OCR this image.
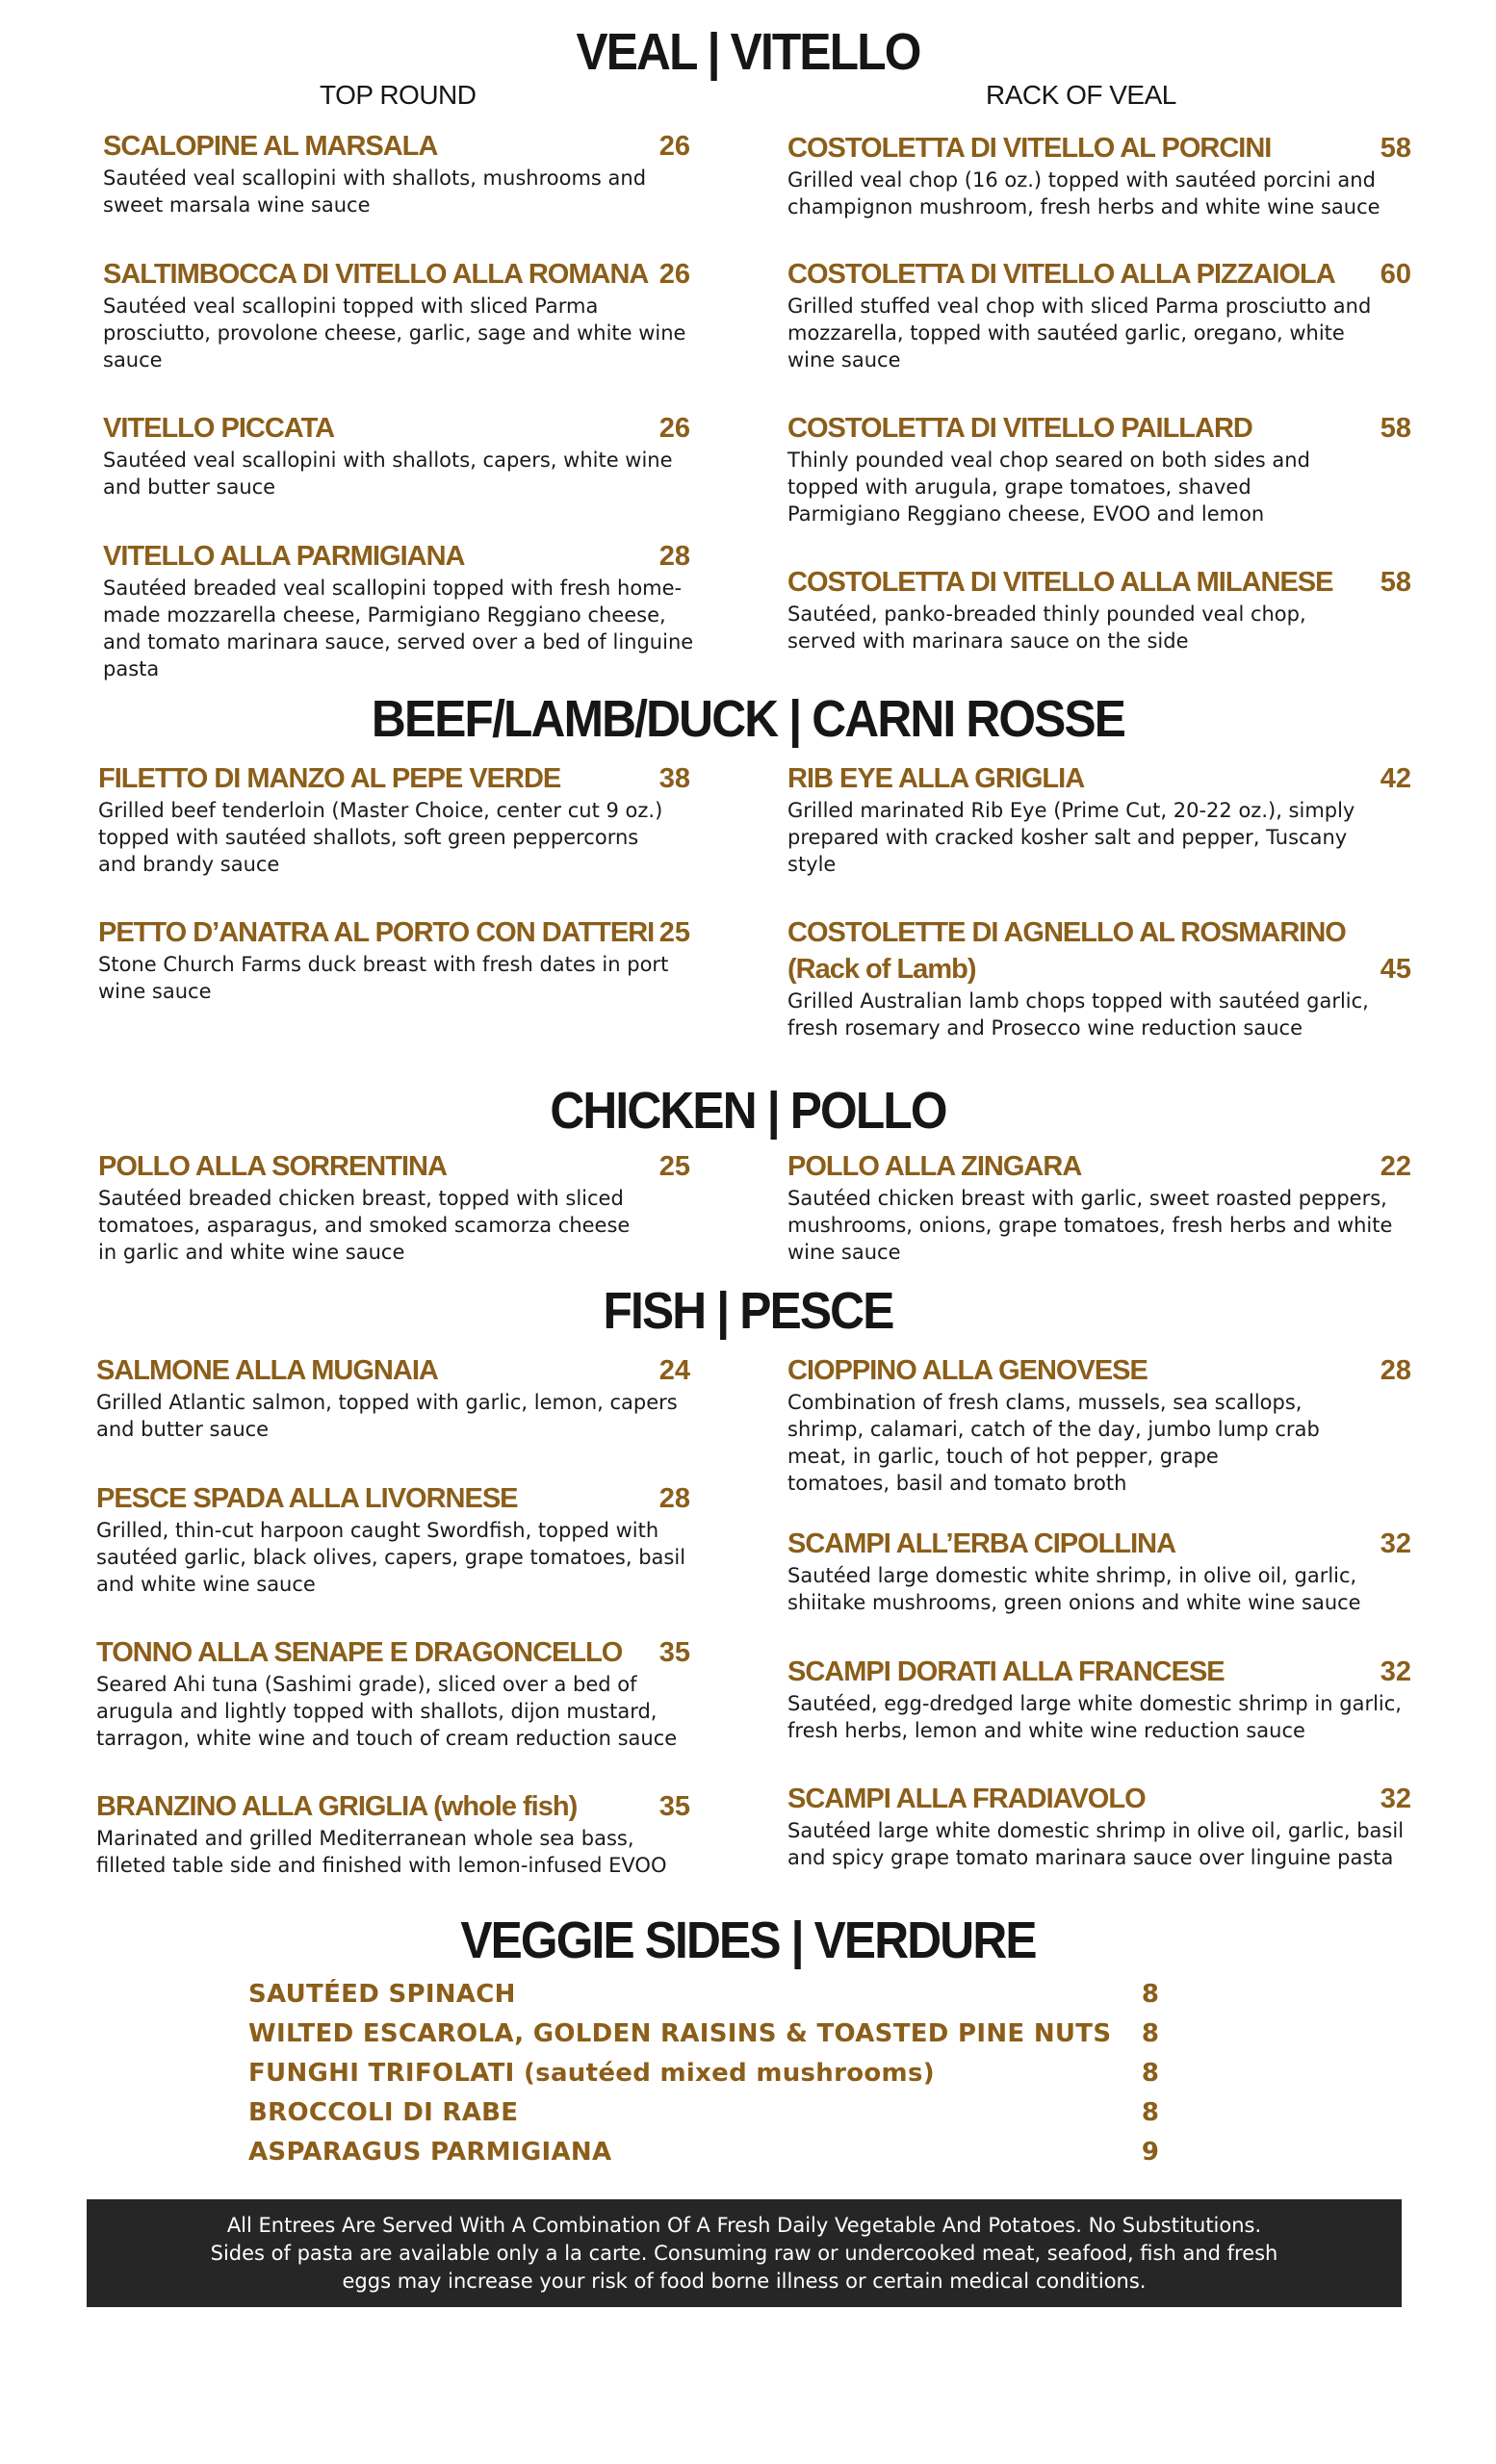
VEAL | VITELLO
TOP ROUND	RACK OF VEAL
SCALOPINE AL MARSALA	26

Sautéed veal scallopini with shallots, mushrooms and sweet marsala wine sauce

SALTIMBOCCA DI VITELLO ALLA ROMANA 26

Sautéed veal scallopini topped with sliced Parma prosciutto, provolone cheese, garlic, sage and white wine sauce

VITELLO PICCATA	26

Sautéed veal scallopini with shallots, capers, white wine and butter sauce

VITELLO ALLA PARMIGIANA	28

Sautéed breaded veal scallopini topped with fresh home-made mozzarella cheese, Parmigiano Reggiano cheese, and tomato marinara sauce, served over a bed of linguine pasta

COSTOLETTA DI VITELLO AL PORCINI	58

Grilled veal chop (16 oz.) topped with sautéed porcini and champignon mushroom, fresh herbs and white wine sauce

COSTOLETTA DI VITELLO ALLA PIZZAIOLA	60

Grilled stuffed veal chop with sliced Parma prosciutto and mozzarella, topped with sautéed garlic, oregano, white wine sauce

COSTOLETTA DI VITELLO PAILLARD	58

Thinly pounded veal chop seared on both sides and topped with arugula, grape tomatoes, shaved Parmigiano Reggiano cheese, EVOO and lemon

COSTOLETTA DI VITELLO ALLA MILANESE	58

Sautéed, panko-breaded thinly pounded veal chop, served with marinara sauce on the side

BEEF/LAMB/DUCK | CARNI ROSSE
FILETTO DI MANZO AL PEPE VERDE	38

Grilled beef tenderloin (Master Choice, center cut 9 oz.) topped with sautéed shallots, soft green peppercorns and brandy sauce

PETTO D’ANATRA AL PORTO CON DATTERI 25

Stone Church Farms duck breast with fresh dates in port wine sauce

RIB EYE ALLA GRIGLIA	42

Grilled marinated Rib Eye (Prime Cut, 20-22 oz.), simply prepared with cracked kosher salt and pepper, Tuscany style

COSTOLETTE DI AGNELLO AL ROSMARINO
(Rack of Lamb)	45

Grilled Australian lamb chops topped with sautéed garlic, fresh rosemary and Prosecco wine reduction sauce

CHICKEN | POLLO
POLLO ALLA SORRENTINA	25

Sautéed breaded chicken breast, topped with sliced tomatoes, asparagus, and smoked scamorza cheese in garlic and white wine sauce

POLLO ALLA ZINGARA	22

Sautéed chicken breast with garlic, sweet roasted peppers, mushrooms, onions, grape tomatoes, fresh herbs and white wine sauce

FISH | PESCE
SALMONE ALLA MUGNAIA	24

Grilled Atlantic salmon, topped with garlic, lemon, capers and butter sauce

PESCE SPADA ALLA LIVORNESE	28

Grilled, thin-cut harpoon caught Swordfish, topped with sautéed garlic, black olives, capers, grape tomatoes, basil and white wine sauce

TONNO ALLA SENAPE E DRAGONCELLO	35

Seared Ahi tuna (Sashimi grade), sliced over a bed of arugula and lightly topped with shallots, dijon mustard, tarragon, white wine and touch of cream reduction sauce

BRANZINO ALLA GRIGLIA (whole fish)	35

Marinated and grilled Mediterranean whole sea bass, filleted table side and finished with lemon-infused EVOO

CIOPPINO ALLA GENOVESE	28

Combination of fresh clams, mussels, sea scallops, shrimp, calamari, catch of the day, jumbo lump crab meat, in garlic, touch of hot pepper, grape tomatoes, basil and tomato broth

SCAMPI ALL’ERBA CIPOLLINA	32

Sautéed large domestic white shrimp, in olive oil, garlic, shiitake mushrooms, green onions and white wine sauce

SCAMPI DORATI ALLA FRANCESE	32

Sautéed, egg-dredged large white domestic shrimp in garlic, fresh herbs, lemon and white wine reduction sauce

SCAMPI ALLA FRADIAVOLO	32

Sautéed large white domestic shrimp in olive oil, garlic, basil and spicy grape tomato marinara sauce over linguine pasta

VEGGIE SIDES | VERDURE
SAUTÉED SPINACH	8
WILTED ESCAROLA, GOLDEN RAISINS & TOASTED PINE NUTS 8
FUNGHI TRIFOLATI (sautéed mixed mushrooms)	8
BROCCOLI DI RABE	8
ASPARAGUS PARMIGIANA	9
All Entrees Are Served With A Combination Of A Fresh Daily Vegetable And Potatoes. No Substitutions.
Sides of pasta are available only a la carte. Consuming raw or undercooked meat, seafood, fish and fresh
eggs may increase your risk of food borne illness or certain medical conditions.
